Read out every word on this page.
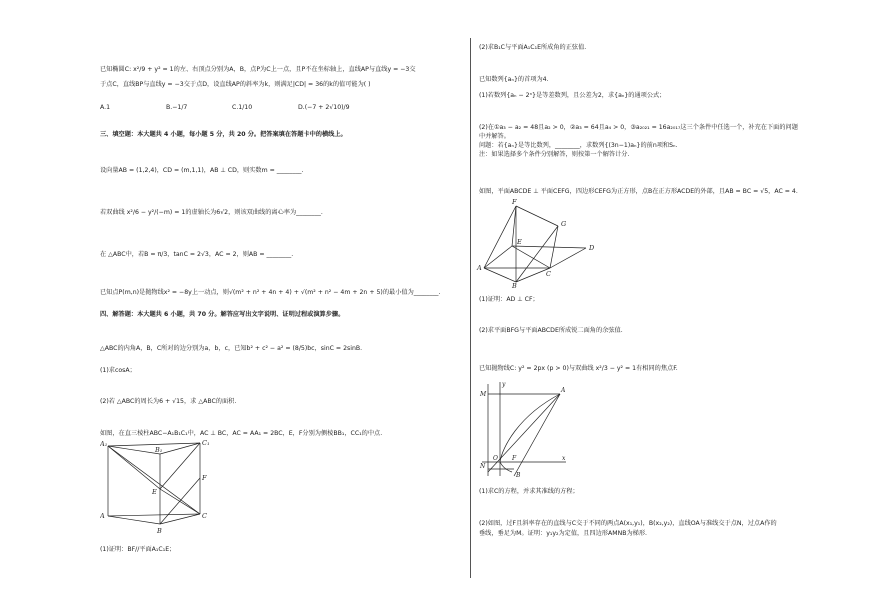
已知椭圆C: x²/9 + y² = 1的左、右顶点分别为A，B，点P为C上一点，且P不在坐标轴上，直线AP与直线y = −3交
于点C，直线BP与直线y = −3交于点D，设直线AP的斜率为k，则满足|CD| = 36的k的值可能为( )
A.1	B.−1/7	C.1/10	D.(−7 + 2√10)/9
三、填空题：本大题共 4 小题，每小题 5 分，共 20 分。把答案填在答题卡中的横线上。
设向量AB = (1,2,4)，CD = (m,1,1)，AB ⊥ CD，则实数m = ________.
若双曲线 x²/6 − y²/(−m) = 1的虚轴长为6√2，则该双曲线的离心率为________.
在 △ABC中，若B = π/3，tanC = 2√3，AC = 2，则AB = ________.
已知点P(m,n)是抛物线x² = −8y上一动点，则√(m² + n² + 4n + 4) + √(m² + n² − 4m + 2n + 5)的最小值为________.
四、解答题：本大题共 6 小题，共 70 分。解答应写出文字说明、证明过程或演算步骤。
△ABC的内角A，B，C所对的边分别为a，b，c，已知b² + c² − a² = (8/5)bc，sinC = 2sinB.
(1)求cosA；
(2)若 △ABC的周长为6 + √15，求 △ABC的面积.
如图，在直三棱柱ABC−A₁B₁C₁中，AC ⊥ BC，AC = AA₁ = 2BC，E，F分别为侧棱BB₁，CC₁的中点.
C₁
B₁
A₁
F
E
A
B
C
(1)证明：BF//平面A₁C₁E；
(2)求B₁C与平面A₁C₁E所成角的正弦值.
已知数列{aₙ}的首项为4.
(1)若数列{aₙ − 2ⁿ}是等差数列，且公差为2，求{aₙ}的通项公式；
(2)在①a₃ − a₂ = 48且a₂ > 0，②a₃ = 64且a₄ > 0，③a₂₀₂₁ = 16a₂₀₁₇这三个条件中任选一个，补充在下面的问题
中并解答。
问题：若{aₙ}是等比数列，________，求数列{(3n−1)aₙ}的前n项和Sₙ.
注：如果选择多个条件分别解答，则按第一个解答计分.
如图，平面ABCDE ⊥ 平面CEFG，四边形CEFG为正方形，点B在正方形ACDE的外部，且AB = BC = √5，AC = 4.
F
G
E
D
A
C
B
(1)证明：AD ⊥ CF；
(2)求平面BFG与平面ABCDE所成锐二面角的余弦值.
已知抛物线C: y² = 2px (p > 0)与双曲线 x²/3 − y² = 1有相同的焦点F.
y
M
N
O F
B
A
x
(1)求C的方程，并求其准线的方程；
(2)如图，过F且斜率存在的直线与C交于不同的两点A(x₁,y₁)，B(x₂,y₂)，直线OA与准线交于点N，过点A作的
垂线，垂足为M。证明：y₁y₂为定值，且四边形AMNB为梯形.
